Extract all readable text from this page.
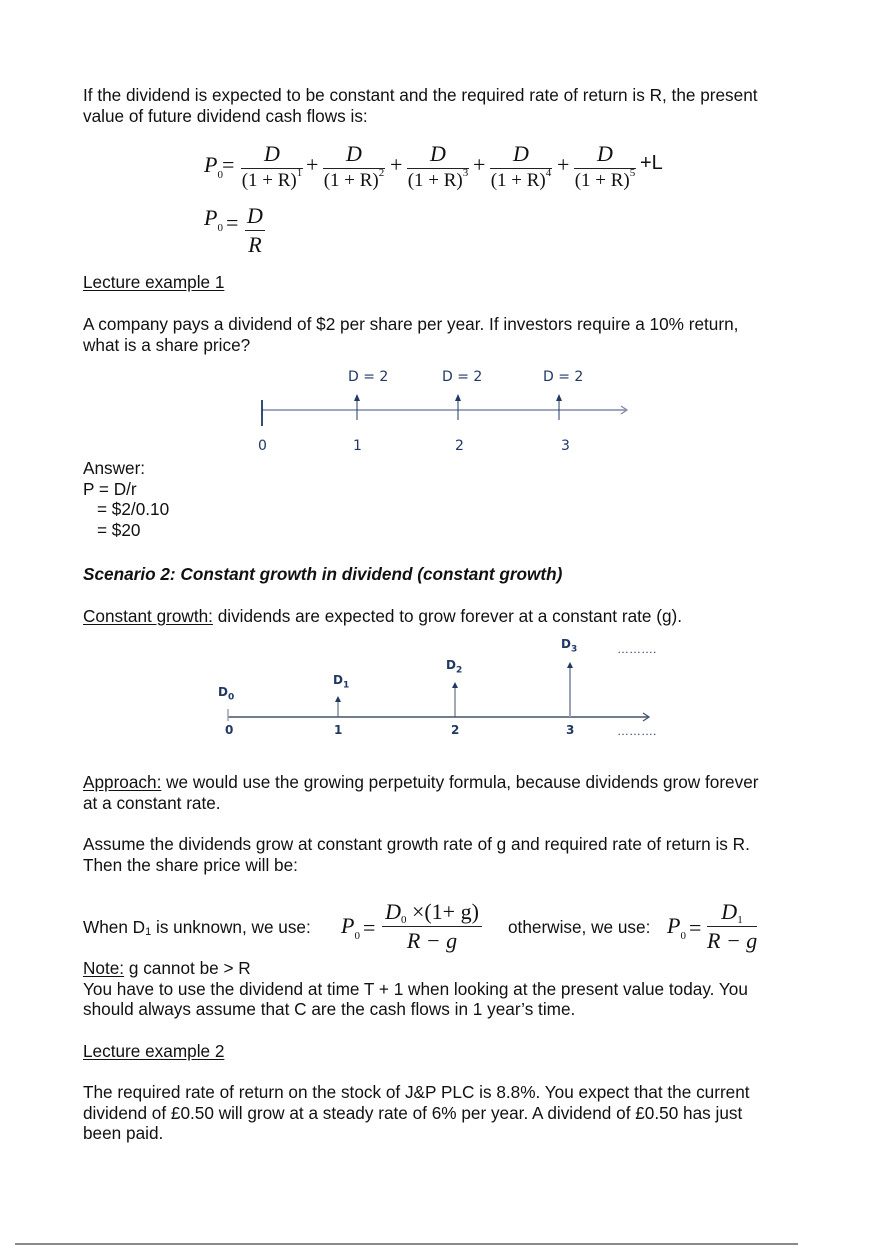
If the dividend is expected to be constant and the required rate of return is R, the present
value of future dividend cash flows is:
$P_0$ =	D
$(1 + R)^1$ +	D
$(1 + R)^2$ +	D
$(1 + R)^3$ +	D
$(1 + R)^4$ +	D
$(1 + R)^5 +L$
$P_0 = D$
R
Lecture example 1
A company pays a dividend of $2 per share per year. If investors require a 10% return,
what is a share price?
D = 2	D = 2	D = 2
0	1	2	3
Answer:
P = D/r
= $2/0.10
= $20
Scenario 2: Constant growth in dividend (constant growth)
Constant growth: dividends are expected to grow forever at a constant rate (g).
$D_0$
$D_1$
$D_2$
$D_3$
0	1	2	3
……….
……….
Approach: we would use the growing perpetuity formula, because dividends grow forever
at a constant rate.
Assume the dividends grow at constant growth rate of g and required rate of return is R.
Then the share price will be:
When D1 is unknown, we use: $P_0$ =
D0 ×(1+ g)
R − g
otherwise, we use: $P_0$ =
D1
R − g
Note: g cannot be > R
You have to use the dividend at time T + 1 when looking at the present value today. You
should always assume that C are the cash flows in 1 year’s time.
Lecture example 2
The required rate of return on the stock of J&P PLC is 8.8%. You expect that the current
dividend of £0.50 will grow at a steady rate of 6% per year. A dividend of £0.50 has just
been paid.
